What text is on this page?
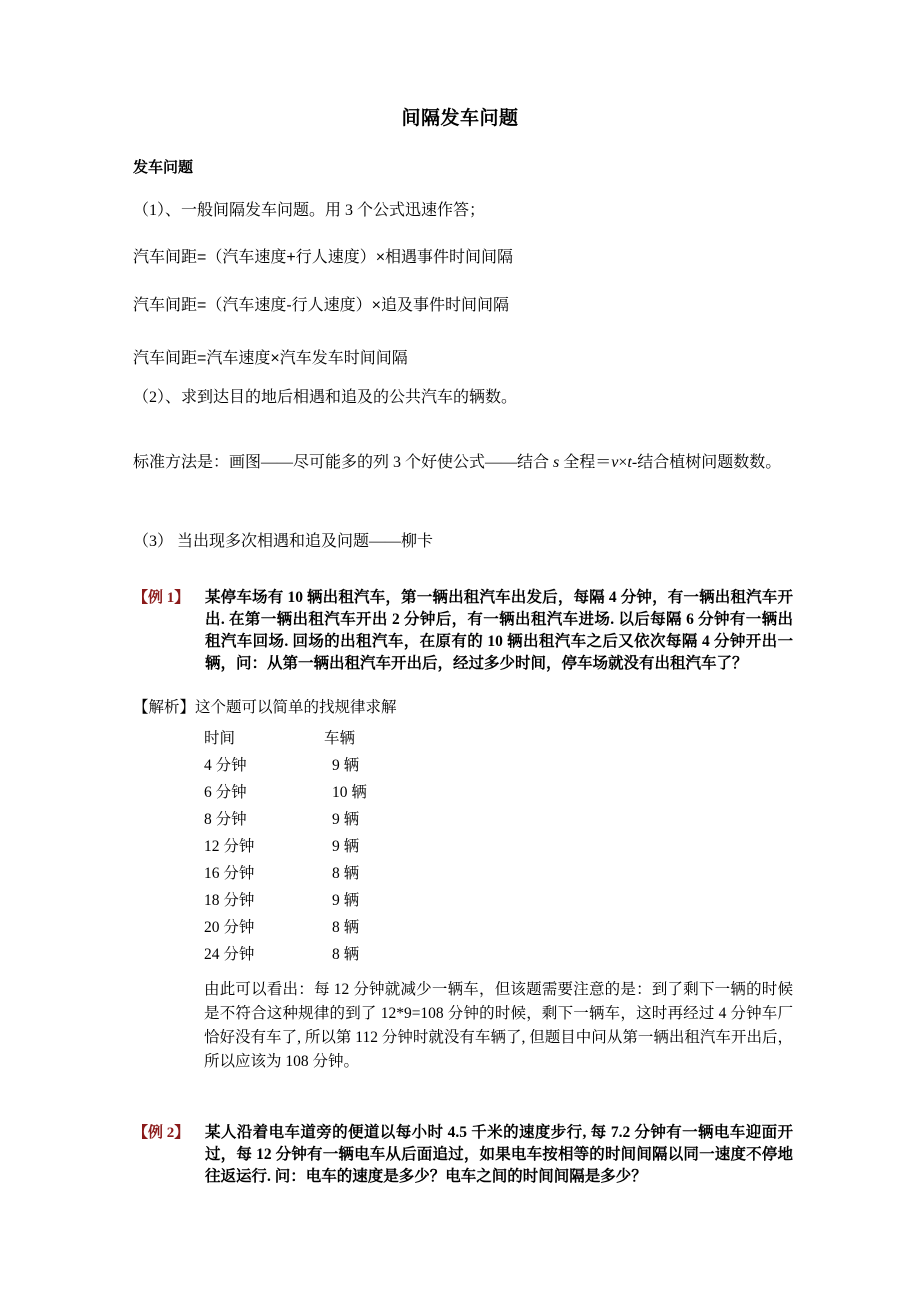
间隔发车问题
发车问题
（1）、一般间隔发车问题。用 3 个公式迅速作答；
汽车间距=（汽车速度+行人速度）×相遇事件时间间隔
汽车间距=（汽车速度-行人速度）×追及事件时间间隔
汽车间距=汽车速度×汽车发车时间间隔
（2）、求到达目的地后相遇和追及的公共汽车的辆数。
标准方法是：画图——尽可能多的列 3 个好使公式——结合 s 全程＝v×t-结合植树问题数数。
（3） 当出现多次相遇和追及问题——柳卡
【例 1】	某停车场有 10 辆出租汽车，第一辆出租汽车出发后，每隔 4 分钟，有一辆出租汽车开出. 在第一辆出租汽车开出 2 分钟后，有一辆出租汽车进场. 以后每隔 6 分钟有一辆出租汽车回场. 回场的出租汽车，在原有的 10 辆出租汽车之后又依次每隔 4 分钟开出一辆，问：从第一辆出租汽车开出后，经过多少时间，停车场就没有出租汽车了？
【解析】这个题可以简单的找规律求解
时间	车辆
4 分钟	9 辆
6 分钟	10 辆
8 分钟	9 辆
12 分钟	9 辆
16 分钟	8 辆
18 分钟	9 辆
20 分钟	8 辆
24 分钟	8 辆
由此可以看出：每 12 分钟就减少一辆车，但该题需要注意的是：到了剩下一辆的时候是不符合这种规律的到了 12*9=108 分钟的时候，剩下一辆车，这时再经过 4 分钟车厂恰好没有车了, 所以第 112 分钟时就没有车辆了, 但题目中问从第一辆出租汽车开出后，所以应该为 108 分钟。
【例 2】	某人沿着电车道旁的便道以每小时 4.5 千米的速度步行, 每 7.2 分钟有一辆电车迎面开过，每 12 分钟有一辆电车从后面追过，如果电车按相等的时间间隔以同一速度不停地往返运行. 问：电车的速度是多少？电车之间的时间间隔是多少？
